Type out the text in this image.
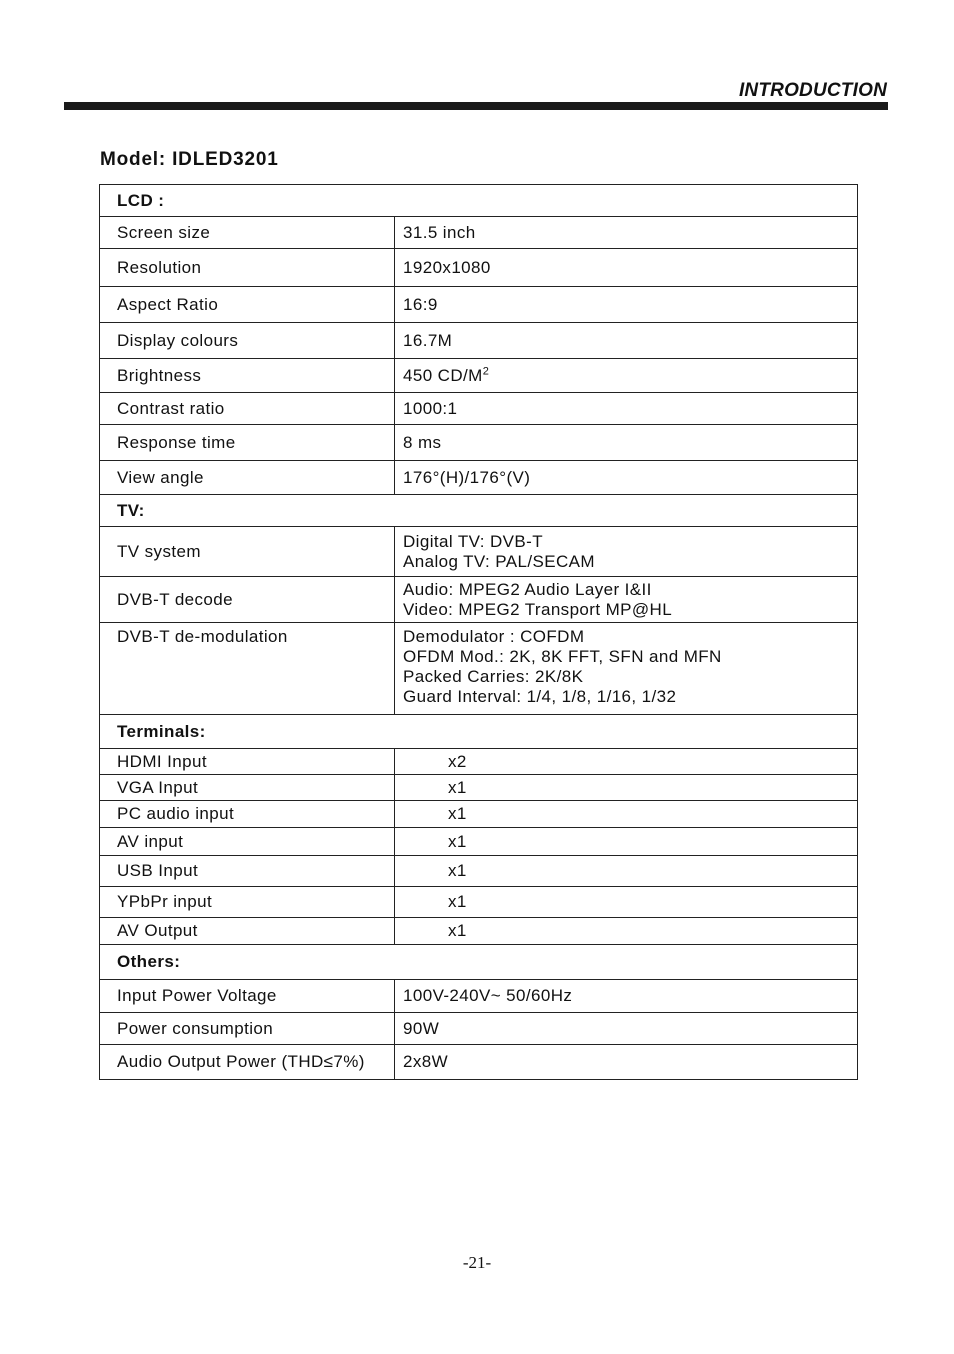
INTRODUCTION
Model: IDLED3201
LCD :	
Screen size	31.5 inch
Resolution	1920x1080
Aspect Ratio	16:9
Display colours	16.7M
Brightness	450 $CD/M^2$
Contrast ratio	1000:1
Response time	8 ms
View angle	176°(H)/176°(V)
TV:	
TV system	Digital TV: DVB-T
Analog TV: PAL/SECAM

DVB-T decode	Audio: MPEG2 Audio Layer I&II
Video: MPEG2 Transport MP@HL

DVB-T de-modulation	Demodulator : COFDM
OFDM Mod.: 2K, 8K FFT, SFN and MFN
Packed Carries: 2K/8K
Guard Interval: 1/4, 1/8, 1/16, 1/32

Terminals:	
HDMI Input	x2
VGA Input	x1
PC audio input	x1
AV input	x1
USB Input	x1
YPbPr input	x1
AV Output	x1
Others:	
Input Power Voltage	100V-240V~ 50/60Hz
Power consumption	90W
Audio Output Power (THD≤7%)	2x8W
-21-
